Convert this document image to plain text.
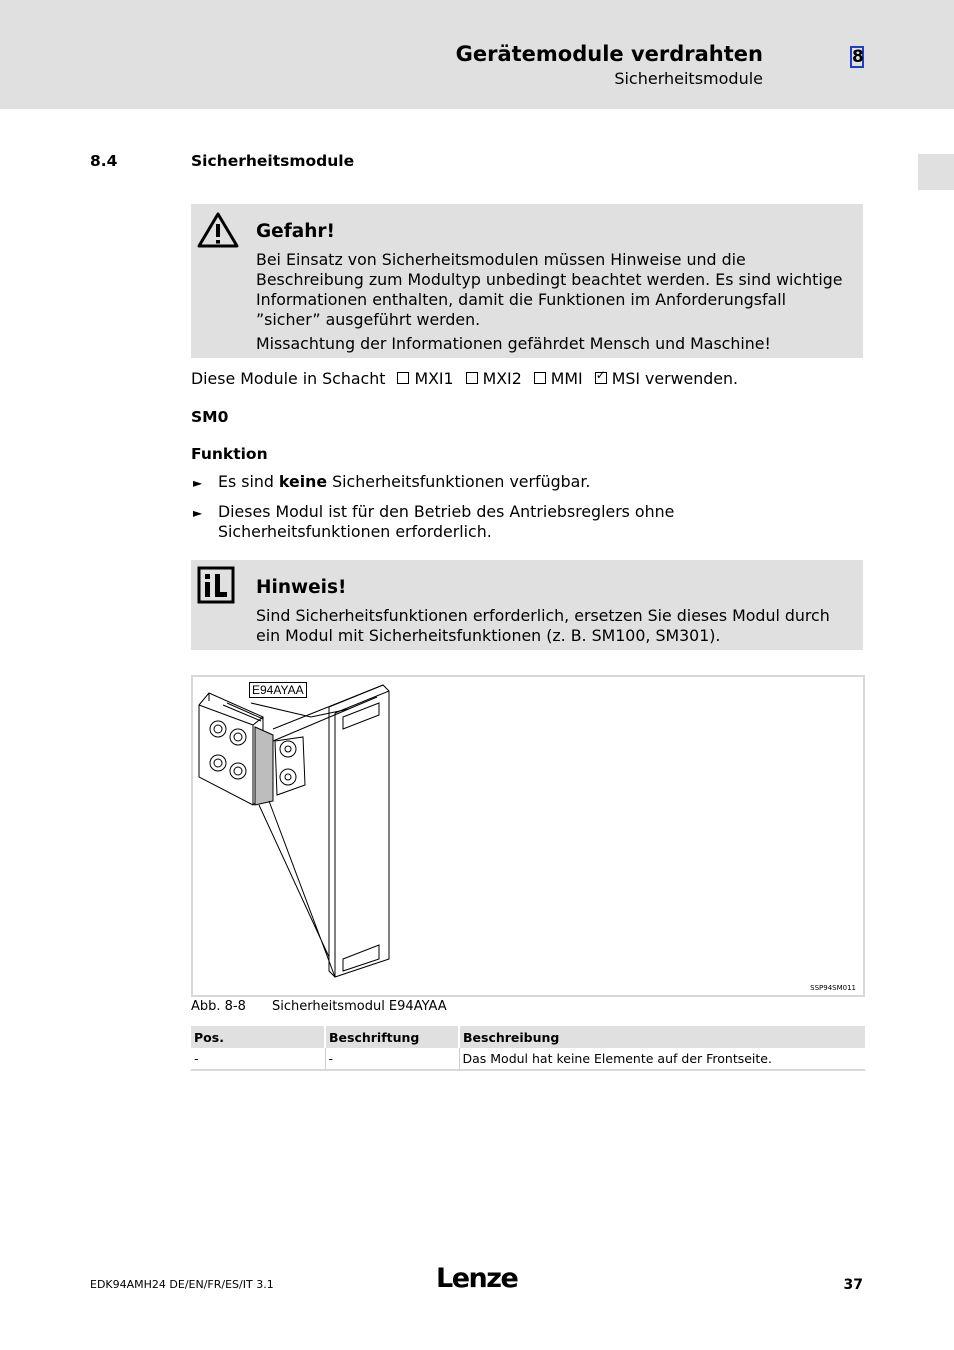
Gerätemodule verdrahten
Sicherheitsmodule
8
8.4	Sicherheitsmodule
Gefahr!
Bei Einsatz von Sicherheitsmodulen müssen Hinweise und die Beschreibung zum Modultyp unbedingt beachtet werden. Es sind wichtige Informationen enthalten, damit die Funktionen im Anforderungsfall ”sicher” ausgeführt werden.
Missachtung der Informationen gefährdet Mensch und Maschine!
Diese Module in Schacht MXI1 MXI2 MMI ✓ MSI verwenden.
SM0
Funktion
► Es sind keine Sicherheitsfunktionen verfügbar.
► Dieses Modul ist für den Betrieb des Antriebsreglers ohne Sicherheitsfunktionen erforderlich.
Hinweis!
Sind Sicherheitsfunktionen erforderlich, ersetzen Sie dieses Modul durch ein Modul mit Sicherheitsfunktionen (z. B. SM100, SM301).
E94AYAA
SSP94SM011
Abb. 8-8 Sicherheitsmodul E94AYAA
Pos.	Beschriftung	Beschreibung
-	-	Das Modul hat keine Elemente auf der Frontseite.
EDK94AMH24 DE/EN/FR/ES/IT 3.1	Lenze	37
